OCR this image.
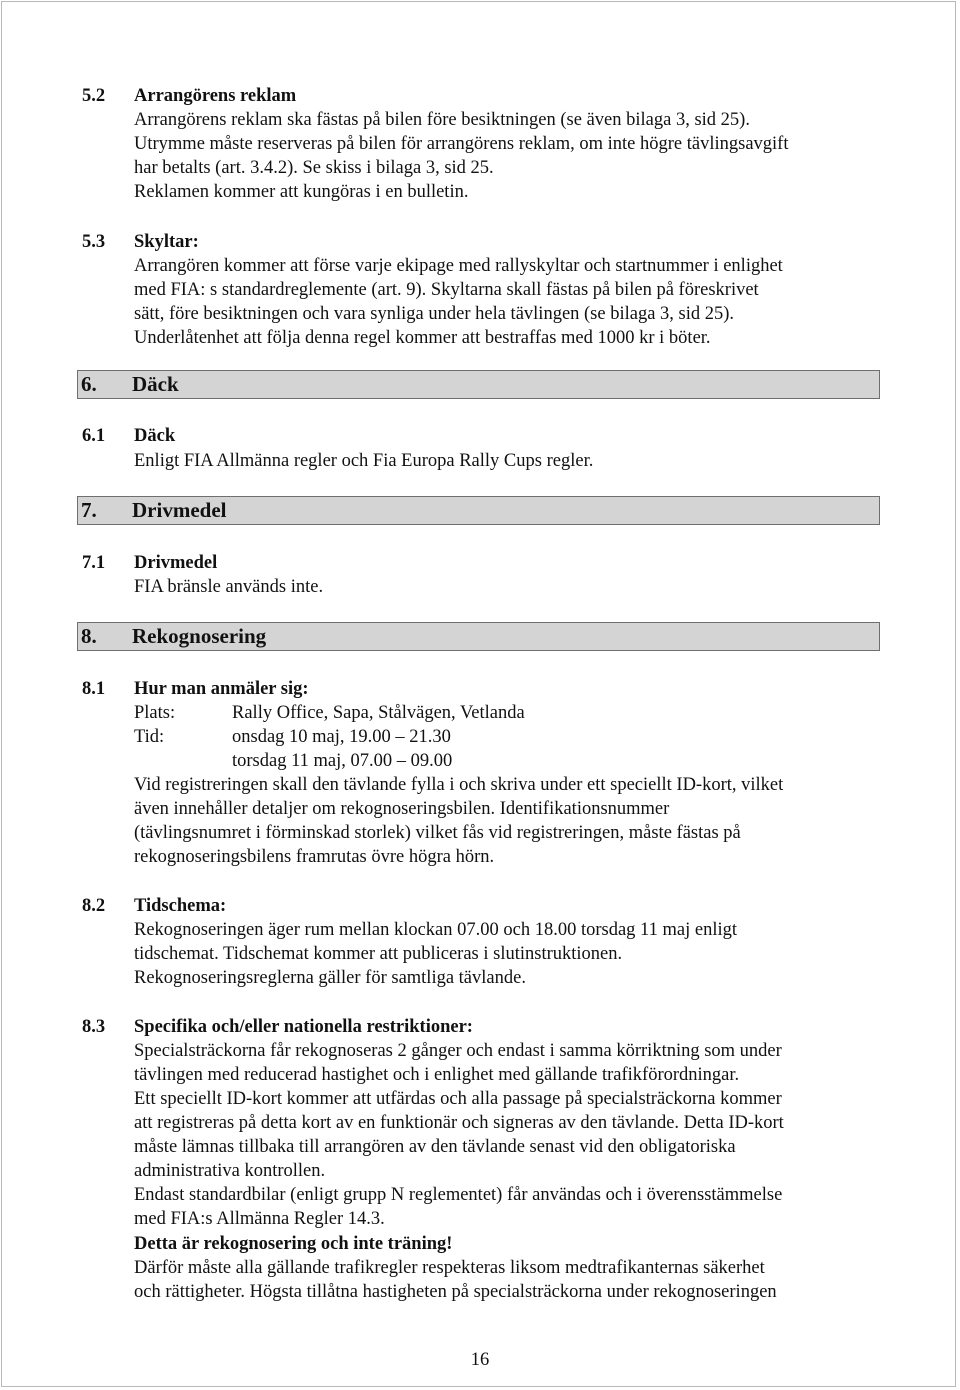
5.2 Arrangörens reklam
Arrangörens reklam ska fästas på bilen före besiktningen (se även bilaga 3, sid 25).
Utrymme måste reserveras på bilen för arrangörens reklam, om inte högre tävlingsavgift
har betalts (art. 3.4.2). Se skiss i bilaga 3, sid 25.
Reklamen kommer att kungöras i en bulletin.
5.3 Skyltar:
Arrangören kommer att förse varje ekipage med rallyskyltar och startnummer i enlighet
med FIA: s standardreglemente (art. 9). Skyltarna skall fästas på bilen på föreskrivet
sätt, före besiktningen och vara synliga under hela tävlingen (se bilaga 3, sid 25).
Underlåtenhet att följa denna regel kommer att bestraffas med 1000 kr i böter.
6. Däck
6.1 Däck
Enligt FIA Allmänna regler och Fia Europa Rally Cups regler.
7. Drivmedel
7.1 Drivmedel
FIA bränsle används inte.
8. Rekognosering
8.1 Hur man anmäler sig:
Plats:	Rally Office, Sapa, Stålvägen, Vetlanda
Tid:	onsdag 10 maj, 19.00 – 21.30
torsdag 11 maj, 07.00 – 09.00
Vid registreringen skall den tävlande fylla i och skriva under ett speciellt ID-kort, vilket
även innehåller detaljer om rekognoseringsbilen. Identifikationsnummer
(tävlingsnumret i förminskad storlek) vilket fås vid registreringen, måste fästas på
rekognoseringsbilens framrutas övre högra hörn.
8.2 Tidschema:
Rekognoseringen äger rum mellan klockan 07.00 och 18.00 torsdag 11 maj enligt
tidschemat. Tidschemat kommer att publiceras i slutinstruktionen.
Rekognoseringsreglerna gäller för samtliga tävlande.
8.3 Specifika och/eller nationella restriktioner:
Specialsträckorna får rekognoseras 2 gånger och endast i samma körriktning som under
tävlingen med reducerad hastighet och i enlighet med gällande trafikförordningar.
Ett speciellt ID-kort kommer att utfärdas och alla passage på specialsträckorna kommer
att registreras på detta kort av en funktionär och signeras av den tävlande. Detta ID-kort
måste lämnas tillbaka till arrangören av den tävlande senast vid den obligatoriska
administrativa kontrollen.
Endast standardbilar (enligt grupp N reglementet) får användas och i överensstämmelse
med FIA:s Allmänna Regler 14.3.
Detta är rekognosering och inte träning!
Därför måste alla gällande trafikregler respekteras liksom medtrafikanternas säkerhet
och rättigheter. Högsta tillåtna hastigheten på specialsträckorna under rekognoseringen
16
